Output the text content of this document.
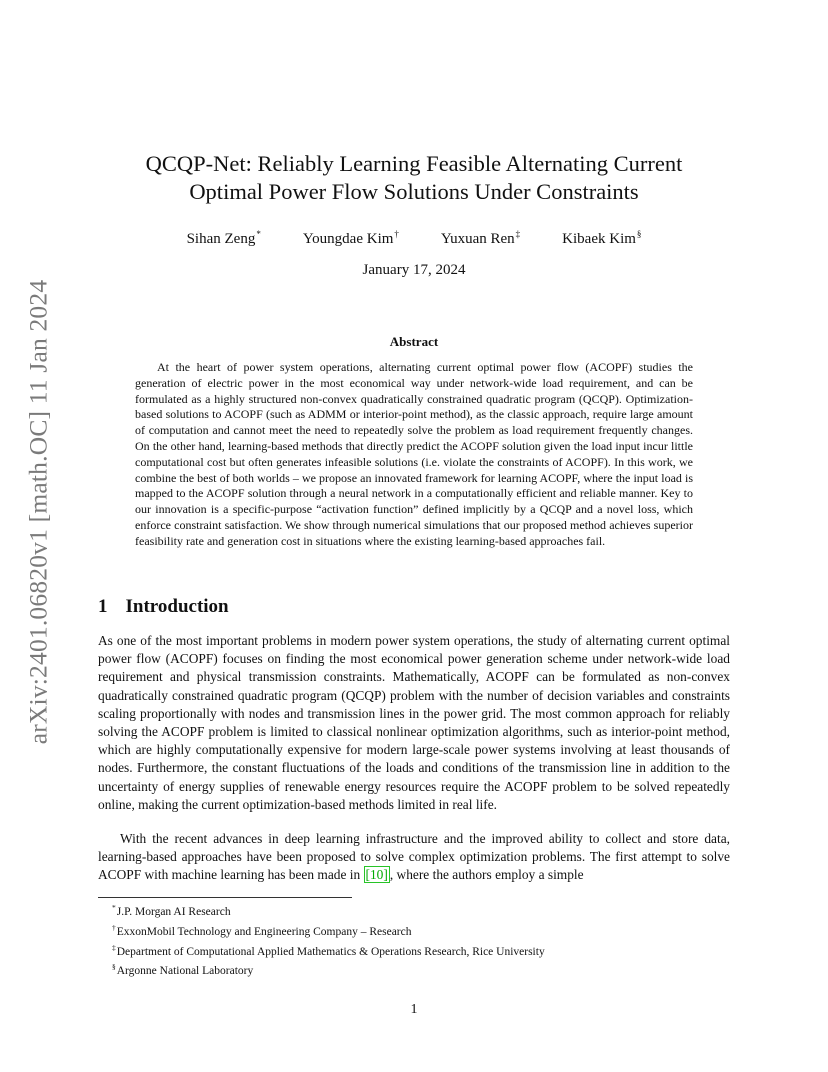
arXiv:2401.06820v1 [math.OC] 11 Jan 2024
QCQP-Net: Reliably Learning Feasible Alternating Current
Optimal Power Flow Solutions Under Constraints
Sihan Zeng*	Youngdae Kim†	Yuxuan Ren‡	Kibaek Kim§
January 17, 2024
Abstract

At the heart of power system operations, alternating current optimal power flow (ACOPF) studies the generation of electric power in the most economical way under network-wide load requirement, and can be formulated as a highly structured non-convex quadratically constrained quadratic program (QCQP). Optimization-based solutions to ACOPF (such as ADMM or interior-point method), as the classic approach, require large amount of computation and cannot meet the need to repeatedly solve the problem as load requirement frequently changes. On the other hand, learning-based methods that directly predict the ACOPF solution given the load input incur little computational cost but often generates infeasible solutions (i.e. violate the constraints of ACOPF). In this work, we combine the best of both worlds – we propose an innovated framework for learning ACOPF, where the input load is mapped to the ACOPF solution through a neural network in a computationally efficient and reliable manner. Key to our innovation is a specific-purpose “activation function” defined implicitly by a QCQP and a novel loss, which enforce constraint satisfaction. We show through numerical simulations that our proposed method achieves superior feasibility rate and generation cost in situations where the existing learning-based approaches fail.

1 Introduction

As one of the most important problems in modern power system operations, the study of alternating current optimal power flow (ACOPF) focuses on finding the most economical power generation scheme under network-wide load requirement and physical transmission constraints. Mathematically, ACOPF can be formulated as non-convex quadratically constrained quadratic program (QCQP) problem with the number of decision variables and constraints scaling proportionally with nodes and transmission lines in the power grid. The most common approach for reliably solving the ACOPF problem is limited to classical nonlinear optimization algorithms, such as interior-point method, which are highly computationally expensive for modern large-scale power systems involving at least thousands of nodes. Furthermore, the constant fluctuations of the loads and conditions of the transmission line in addition to the uncertainty of energy supplies of renewable energy resources require the ACOPF problem to be solved repeatedly online, making the current optimization-based methods limited in real life.

With the recent advances in deep learning infrastructure and the improved ability to collect and store data, learning-based approaches have been proposed to solve complex optimization problems. The first attempt to solve ACOPF with machine learning has been made in [10] , where the authors employ a simple

*J.P. Morgan AI Research
†ExxonMobil Technology and Engineering Company – Research
‡Department of Computational Applied Mathematics & Operations Research, Rice University
§Argonne National Laboratory
1
